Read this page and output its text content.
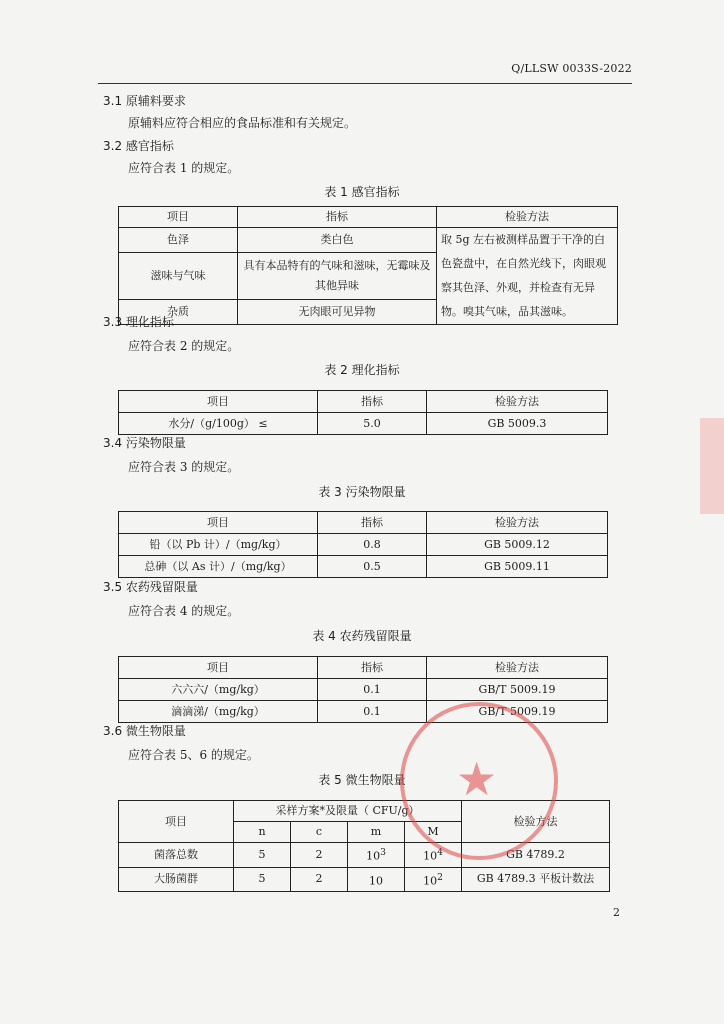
Q/LLSW 0033S-2022
3.1 原辅料要求
原辅料应符合相应的食品标准和有关规定。
3.2 感官指标
应符合表 1 的规定。
表 1 感官指标
项目	指标	检验方法
色泽	类白色	取 5g 左右被测样品置于干净的白色瓷盘中，在自然光线下，肉眼观察其色泽、外观，并检查有无异物。嗅其气味，品其滋味。
滋味与气味	具有本品特有的气味和滋味，无霉味及其他异味	
杂质	无肉眼可见异物	
3.3 理化指标
应符合表 2 的规定。
表 2 理化指标
项目	指标	检验方法
水分/（g/100g） ≤	5.0	GB 5009.3
3.4 污染物限量
应符合表 3 的规定。
表 3 污染物限量
项目	指标	检验方法
铅（以 Pb 计）/（mg/kg）	0.8	GB 5009.12
总砷（以 As 计）/（mg/kg）	0.5	GB 5009.11
3.5 农药残留限量
应符合表 4 的规定。
表 4 农药残留限量
项目	指标	检验方法
六六六/（mg/kg）	0.1	GB/T 5009.19
滴滴涕/（mg/kg）	0.1	GB/T 5009.19
3.6 微生物限量
应符合表 5、6 的规定。
表 5 微生物限量
项目	采样方案*及限量（ CFU/g）				检验方法
	n	c	m	M	
菌落总数	5	2	$10^3$	$10^4$	GB 4789.2
大肠菌群	5	2	10	$10^2$	GB 4789.3 平板计数法
★
2
